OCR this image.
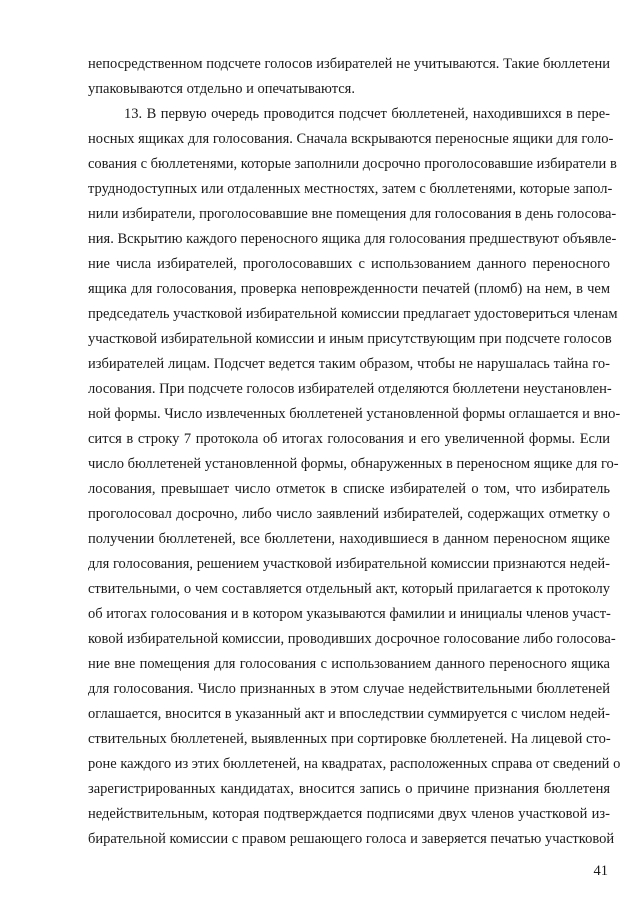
непосредственном подсчете голосов избирателей не учитываются. Такие бюллетени

упаковываются отдельно и опечатываются.

13. В первую очередь проводится подсчет бюллетеней, находившихся в пере-

носных ящиках для голосования. Сначала вскрываются переносные ящики для голо-

сования с бюллетенями, которые заполнили досрочно проголосовавшие избиратели в

труднодоступных или отдаленных местностях, затем с бюллетенями, которые запол-

нили избиратели, проголосовавшие вне помещения для голосования в день голосова-

ния. Вскрытию каждого переносного ящика для голосования предшествуют объявле-

ние числа избирателей, проголосовавших с использованием данного переносного

ящика для голосования, проверка неповрежденности печатей (пломб) на нем, в чем

председатель участковой избирательной комиссии предлагает удостовериться членам

участковой избирательной комиссии и иным присутствующим при подсчете голосов

избирателей лицам. Подсчет ведется таким образом, чтобы не нарушалась тайна го-

лосования. При подсчете голосов избирателей отделяются бюллетени неустановлен-

ной формы. Число извлеченных бюллетеней установленной формы оглашается и вно-

сится в строку 7 протокола об итогах голосования и его увеличенной формы. Если

число бюллетеней установленной формы, обнаруженных в переносном ящике для го-

лосования, превышает число отметок в списке избирателей о том, что избиратель

проголосовал досрочно, либо число заявлений избирателей, содержащих отметку о

получении бюллетеней, все бюллетени, находившиеся в данном переносном ящике

для голосования, решением участковой избирательной комиссии признаются недей-

ствительными, о чем составляется отдельный акт, который прилагается к протоколу

об итогах голосования и в котором указываются фамилии и инициалы членов участ-

ковой избирательной комиссии, проводивших досрочное голосование либо голосова-

ние вне помещения для голосования с использованием данного переносного ящика

для голосования. Число признанных в этом случае недействительными бюллетеней

оглашается, вносится в указанный акт и впоследствии суммируется с числом недей-

ствительных бюллетеней, выявленных при сортировке бюллетеней. На лицевой сто-

роне каждого из этих бюллетеней, на квадратах, расположенных справа от сведений о

зарегистрированных кандидатах, вносится запись о причине признания бюллетеня

недействительным, которая подтверждается подписями двух членов участковой из-

бирательной комиссии с правом решающего голоса и заверяется печатью участковой

41
